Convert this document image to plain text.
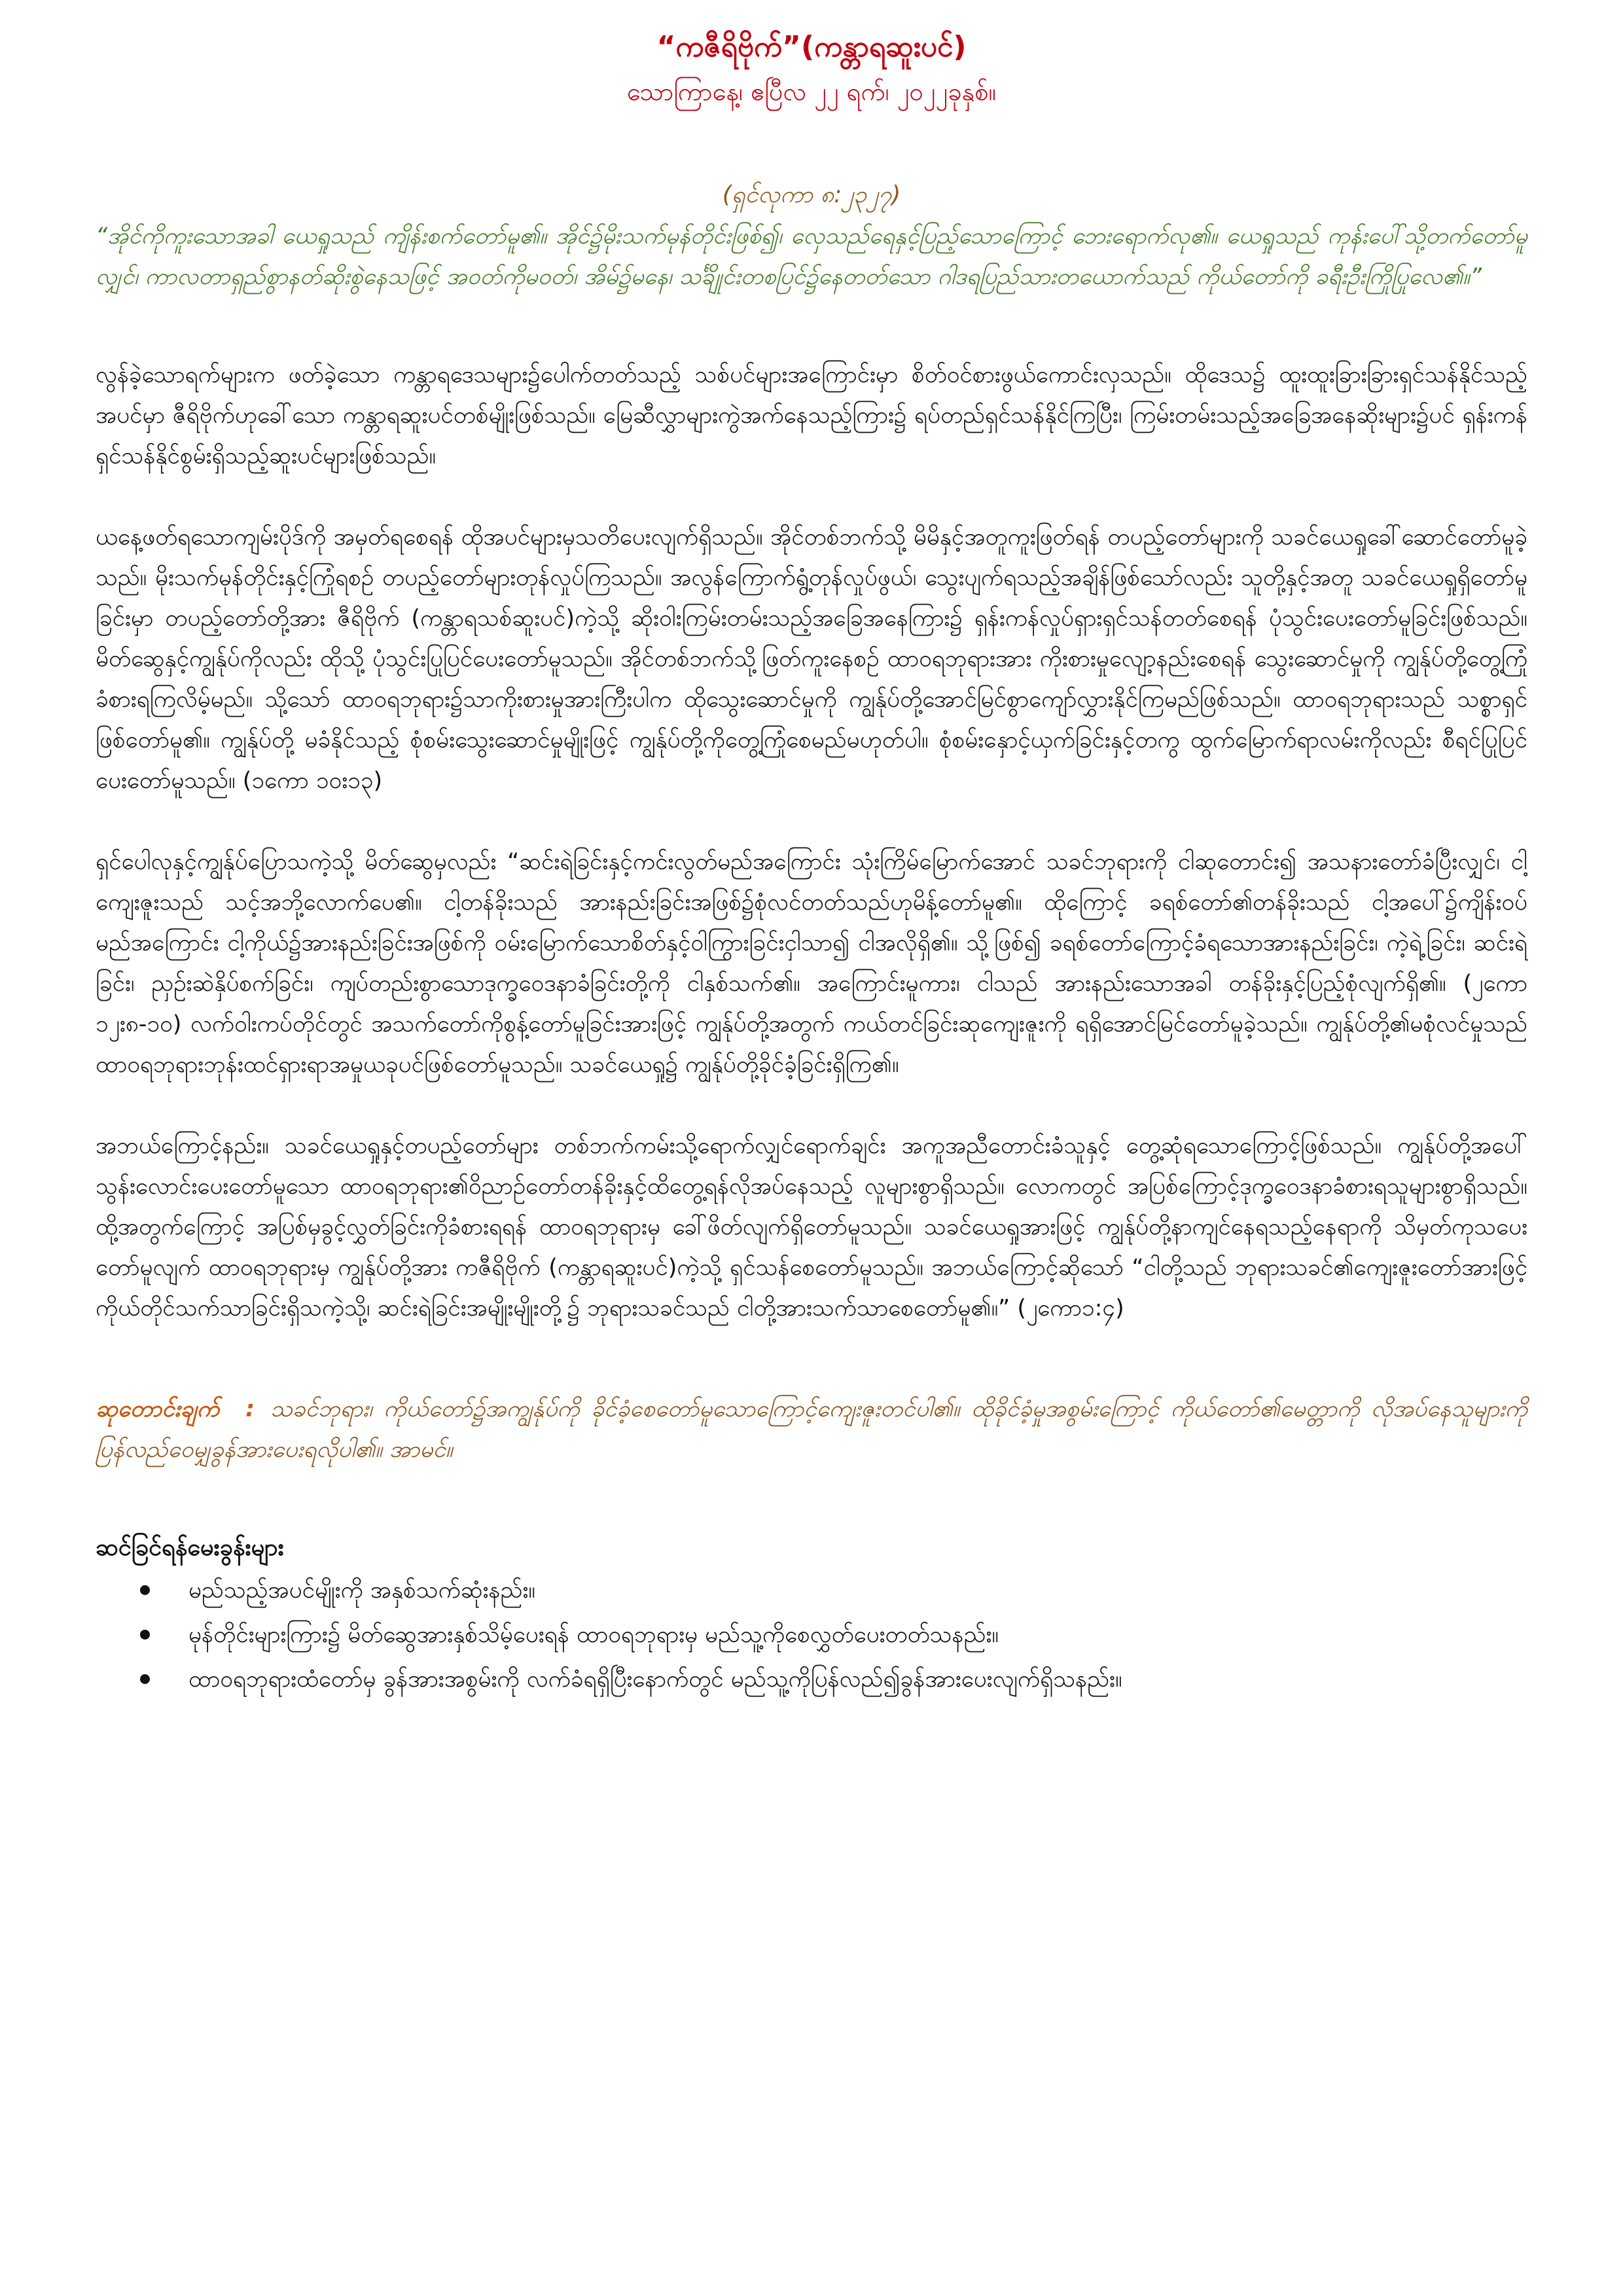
“ကဇီရိဗိုက်”(ကန္တာရဆူးပင်)

သောကြာနေ့၊ ဧပြီလ ၂၂ ရက်၊ ၂၀၂၂ခုနှစ်။

(ရှင်လုကာ ၈:၂၃၂၇)

“အိုင်ကိုကူးသောအခါ ယေရှုသည် ကျိန်းစက်တော်မူ၏။ အိုင်၌မိုးသက်မုန်တိုင်းဖြစ်၍၊ လှေသည်ရေနှင့်ပြည့်သောကြောင့် ဘေးရောက်လု၏။ ယေရှုသည် ကုန်းပေါ်သို့တက်တော်မူလျှင်၊ ကာလတာရှည်စွာနတ်ဆိုးစွဲနေသဖြင့် အဝတ်ကိုမဝတ်၊ အိမ်၌မနေ၊ သင်္ချိုင်းတစပြင်၌နေတတ်သော ဂါဒရပြည်သားတယောက်သည် ကိုယ်တော်ကို ခရီးဦးကြိုပြုလေ၏။”

လွန်ခဲ့သောရက်များက ဖတ်ခဲ့သော ကန္တာရဒေသများ၌ပေါက်တတ်သည့် သစ်ပင်များအကြောင်းမှာ စိတ်ဝင်စားဖွယ်ကောင်းလှသည်။ ထိုဒေသ၌ ထူးထူးခြားခြားရှင်သန်နိုင်သည့်အပင်မှာ ဇီရိဗိုက်ဟုခေါ်သော ကန္တာရဆူးပင်တစ်မျိုးဖြစ်သည်။ မြေဆီလွှာများကွဲအက်နေသည့်ကြား၌ ရပ်တည်ရှင်သန်နိုင်ကြပြီး၊ ကြမ်းတမ်းသည့်အခြေအနေဆိုးများ၌ပင် ရှန်းကန်ရှင်သန်နိုင်စွမ်းရှိသည့်ဆူးပင်များဖြစ်သည်။

ယနေ့ဖတ်ရသောကျမ်းပိုဒ်ကို အမှတ်ရစေရန် ထိုအပင်များမှသတိပေးလျက်ရှိသည်။ အိုင်တစ်ဘက်သို့ မိမိနှင့်အတူကူးဖြတ်ရန် တပည့်တော်များကို သခင်ယေရှုခေါ်ဆောင်တော်မူခဲ့သည်။ မိုးသက်မုန်တိုင်းနှင့်ကြုံရစဉ် တပည့်တော်များတုန်လှုပ်ကြသည်။ အလွန်ကြောက်ရွံ့တုန်လှုပ်ဖွယ်၊ သွေးပျက်ရသည့်အချိန်ဖြစ်သော်လည်း သူတို့နှင့်အတူ သခင်ယေရှုရှိတော်မူခြင်းမှာ တပည့်တော်တို့အား ဇီရိဗိုက် (ကန္တာရသစ်ဆူးပင်)ကဲ့သို့ ဆိုးဝါးကြမ်းတမ်းသည့်အခြေအနေကြား၌ ရှန်းကန်လှုပ်ရှားရှင်သန်တတ်စေရန် ပုံသွင်းပေးတော်မူခြင်းဖြစ်သည်။ မိတ်ဆွေနှင့်ကျွန်ုပ်ကိုလည်း ထိုသို့ ပုံသွင်းပြုပြင်ပေးတော်မူသည်။ အိုင်တစ်ဘက်သို့ဖြတ်ကူးနေစဉ် ထာဝရဘုရားအား ကိုးစားမှုလျော့နည်းစေရန် သွေးဆောင်မှုကို ကျွန်ုပ်တို့တွေ့ကြုံခံစားရကြလိမ့်မည်။ သို့သော် ထာဝရဘုရား၌သာကိုးစားမှုအားကြီးပါက ထိုသွေးဆောင်မှုကို ကျွန်ုပ်တို့အောင်မြင်စွာကျော်လွှားနိုင်ကြမည်ဖြစ်သည်။ ထာဝရဘုရားသည် သစ္စာရှင်ဖြစ်တော်မူ၏။ ကျွန်ုပ်တို့ မခံနိုင်သည့် စုံစမ်းသွေးဆောင်မှုမျိုးဖြင့် ကျွန်ုပ်တို့ကိုတွေ့ကြုံစေမည်မဟုတ်ပါ။ စုံစမ်းနှောင့်ယှက်ခြင်းနှင့်တကွ ထွက်မြောက်ရာလမ်းကိုလည်း စီရင်ပြုပြင်ပေးတော်မူသည်။ (၁ကော ၁၀း၁၃)

ရှင်ပေါလုနှင့်ကျွန်ုပ်ပြောသကဲ့သို့ မိတ်ဆွေမှလည်း “ဆင်းရဲခြင်းနှင့်ကင်းလွတ်မည်အကြောင်း သုံးကြိမ်မြောက်အောင် သခင်ဘုရားကို ငါဆုတောင်း၍ အသနားတော်ခံပြီးလျှင်၊ ငါ့ကျေးဇူးသည် သင့်အဘို့လောက်ပေ၏။ ငါ့တန်ခိုးသည် အားနည်းခြင်းအဖြစ်၌စုံလင်တတ်သည်ဟုမိန့်တော်မူ၏။ ထိုကြောင့် ခရစ်တော်၏တန်ခိုးသည် ငါ့အပေါ်၌ကျိန်းဝပ်မည်အကြောင်း ငါ့ကိုယ်၌အားနည်းခြင်းအဖြစ်ကို ဝမ်းမြောက်သောစိတ်နှင့်ဝါကြွားခြင်းငှါသာ၍ ငါအလိုရှိ၏။ သို့ဖြစ်၍ ခရစ်တော်ကြောင့်ခံရသောအားနည်းခြင်း၊ ကဲ့ရဲ့ခြင်း၊ ဆင်းရဲခြင်း၊ ညှဉ်းဆဲနှိပ်စက်ခြင်း၊ ကျပ်တည်းစွာသောဒုက္ခဝေဒနာခံခြင်းတို့ကို ငါနှစ်သက်၏။ အကြောင်းမူကား၊ ငါသည် အားနည်းသောအခါ တန်ခိုးနှင့်ပြည့်စုံလျက်ရှိ၏။ (၂ကော ၁၂း၈-၁၀) လက်ဝါးကပ်တိုင်တွင် အသက်တော်ကိုစွန့်တော်မူခြင်းအားဖြင့် ကျွန်ုပ်တို့အတွက် ကယ်တင်ခြင်းဆုကျေးဇူးကို ရရှိအောင်မြင်တော်မူခဲ့သည်။ ကျွန်ုပ်တို့၏မစုံလင်မှုသည် ထာဝရဘုရားဘုန်းထင်ရှားရာအမှုယခုပင်ဖြစ်တော်မူသည်။ သခင်ယေရှု၌ ကျွန်ုပ်တို့ခိုင်ခံ့ခြင်းရှိကြ၏။

အဘယ်ကြောင့်နည်း။ သခင်ယေရှုနှင့်တပည့်တော်များ တစ်ဘက်ကမ်းသို့ရောက်လျှင်ရောက်ချင်း အကူအညီတောင်းခံသူနှင့် တွေ့ဆုံရသောကြောင့်ဖြစ်သည်။ ကျွန်ုပ်တို့အပေါ် သွန်းလောင်းပေးတော်မူသော ထာဝရဘုရား၏ဝိညာဉ်တော်တန်ခိုးနှင့်ထိတွေ့ရန်လိုအပ်နေသည့် လူများစွာရှိသည်။ လောကတွင် အပြစ်ကြောင့်ဒုက္ခဝေဒနာခံစားရသူများစွာရှိသည်။ ထို့အတွက်ကြောင့် အပြစ်မှခွင့်လွှတ်ခြင်းကိုခံစားရရန် ထာဝရဘုရားမှ ခေါ်ဖိတ်လျက်ရှိတော်မူသည်။ သခင်ယေရှုအားဖြင့် ကျွန်ုပ်တို့နာကျင်နေရသည့်နေရာကို သိမှတ်ကုသပေးတော်မူလျက် ထာဝရဘုရားမှ ကျွန်ုပ်တို့အား ကဇီရိဗိုက် (ကန္တာရဆူးပင်)ကဲ့သို့ ရှင်သန်စေတော်မူသည်။ အဘယ်ကြောင့်ဆိုသော် “ငါတို့သည် ဘုရားသခင်၏ကျေးဇူးတော်အားဖြင့် ကိုယ်တိုင်သက်သာခြင်းရှိသကဲ့သို့၊ ဆင်းရဲခြင်းအမျိုးမျိုးတို့၌ ဘုရားသခင်သည် ငါတို့အားသက်သာစေတော်မူ၏။” (၂ကော၁:၄)

ဆုတောင်းချက် : သခင်ဘုရား၊ ကိုယ်တော်၌အကျွန်ုပ်ကို ခိုင်ခံ့စေတော်မူသောကြောင့်ကျေးဇူးတင်ပါ၏။ ထိုခိုင်ခံ့မှုအစွမ်းကြောင့် ကိုယ်တော်၏မေတ္တာကို လိုအပ်နေသူများကို ပြန်လည်ဝေမျှခွန်အားပေးရလိုပါ၏။ အာမင်။

ဆင်ခြင်ရန်မေးခွန်းများ

မည်သည့်အပင်မျိုးကို အနှစ်သက်ဆုံးနည်း။
မုန်တိုင်းများကြား၌ မိတ်ဆွေအားနှစ်သိမ့်ပေးရန် ထာဝရဘုရားမှ မည်သူ့ကိုစေလွှတ်ပေးတတ်သနည်း။
ထာဝရဘုရားထံတော်မှ ခွန်အားအစွမ်းကို လက်ခံရရှိပြီးနောက်တွင် မည်သူ့ကိုပြန်လည်၍ခွန်အားပေးလျက်ရှိသနည်း။
